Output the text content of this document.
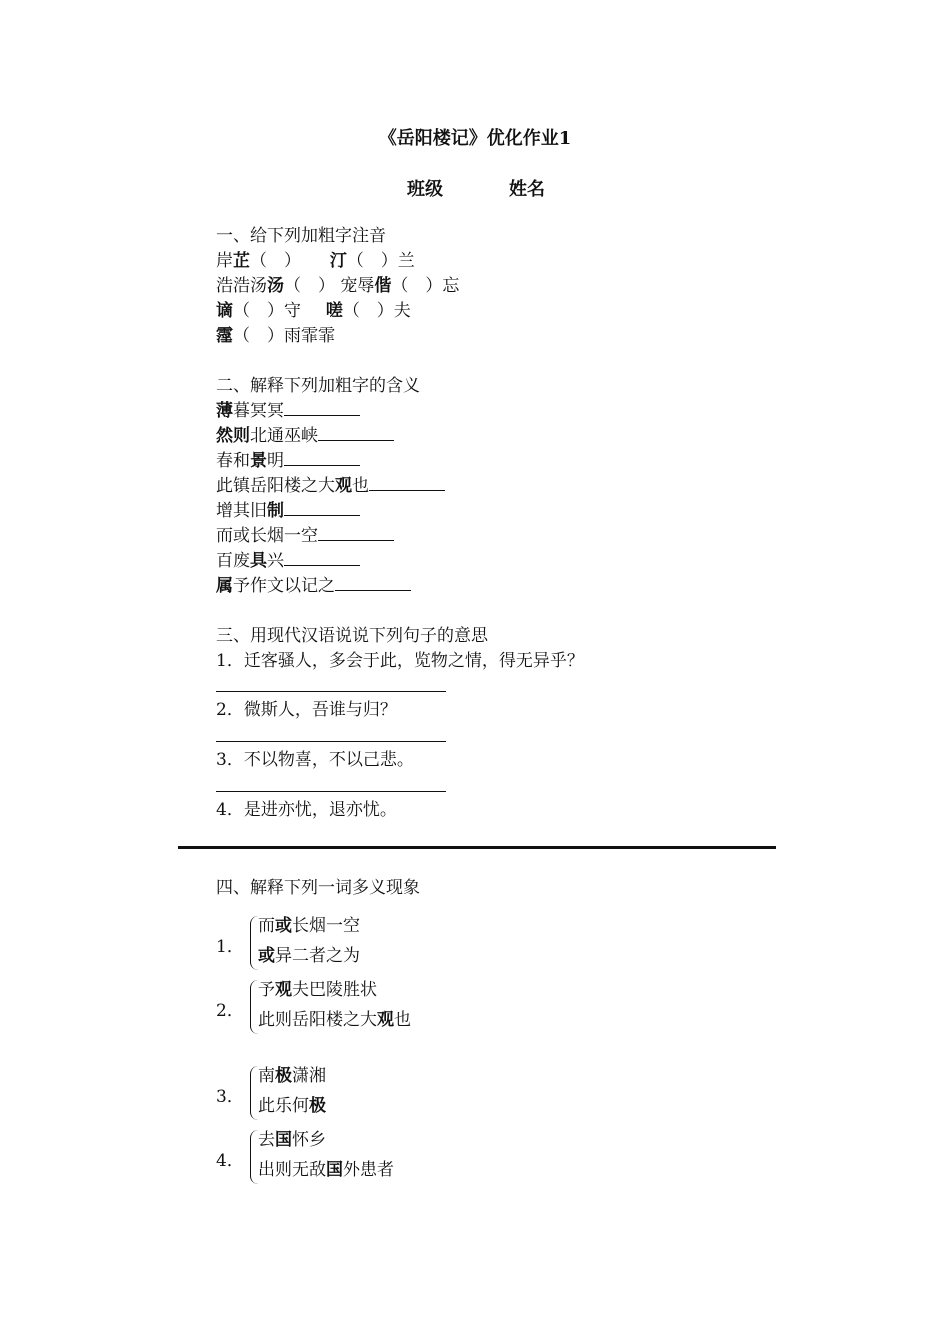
《岳阳楼记》优化作业1
班级	姓名
一、给下列加粗字注音
岸芷（　） 汀（　）兰
浩浩汤汤（　） 宠辱偕（　）忘
谪（　）守 嗟（　）夫
霪（　）雨霏霏
二、解释下列加粗字的含义
薄暮冥冥
然则北通巫峡
春和景明
此镇岳阳楼之大观也
增其旧制
而或长烟一空
百废具兴
属予作文以记之
三、用现代汉语说说下列句子的意思
1．迁客骚人，多会于此，览物之情，得无异乎？
2．微斯人，吾谁与归？
3．不以物喜，不以己悲。
4．是进亦忧，退亦忧。
四、解释下列一词多义现象
1．
而或长烟一空
或异二者之为
2．
予观夫巴陵胜状
此则岳阳楼之大观也
3．
南极潇湘
此乐何极
4．
去国怀乡
出则无敌国外患者
